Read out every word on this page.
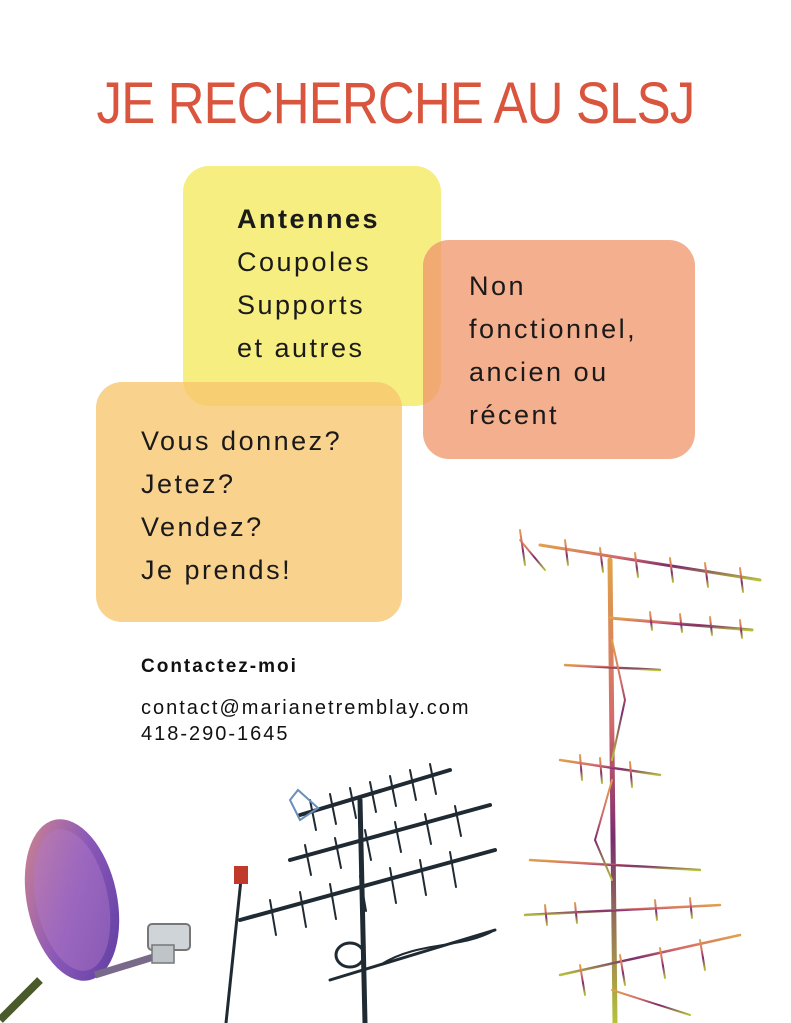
JE RECHERCHE AU SLSJ
Antennes
Coupoles
Supports
et autres
Non
fonctionnel,
ancien ou
récent
Vous donnez?
Jetez?
Vendez?
Je prends!
Contactez-moi
contact@marianetremblay.com
418-290-1645
